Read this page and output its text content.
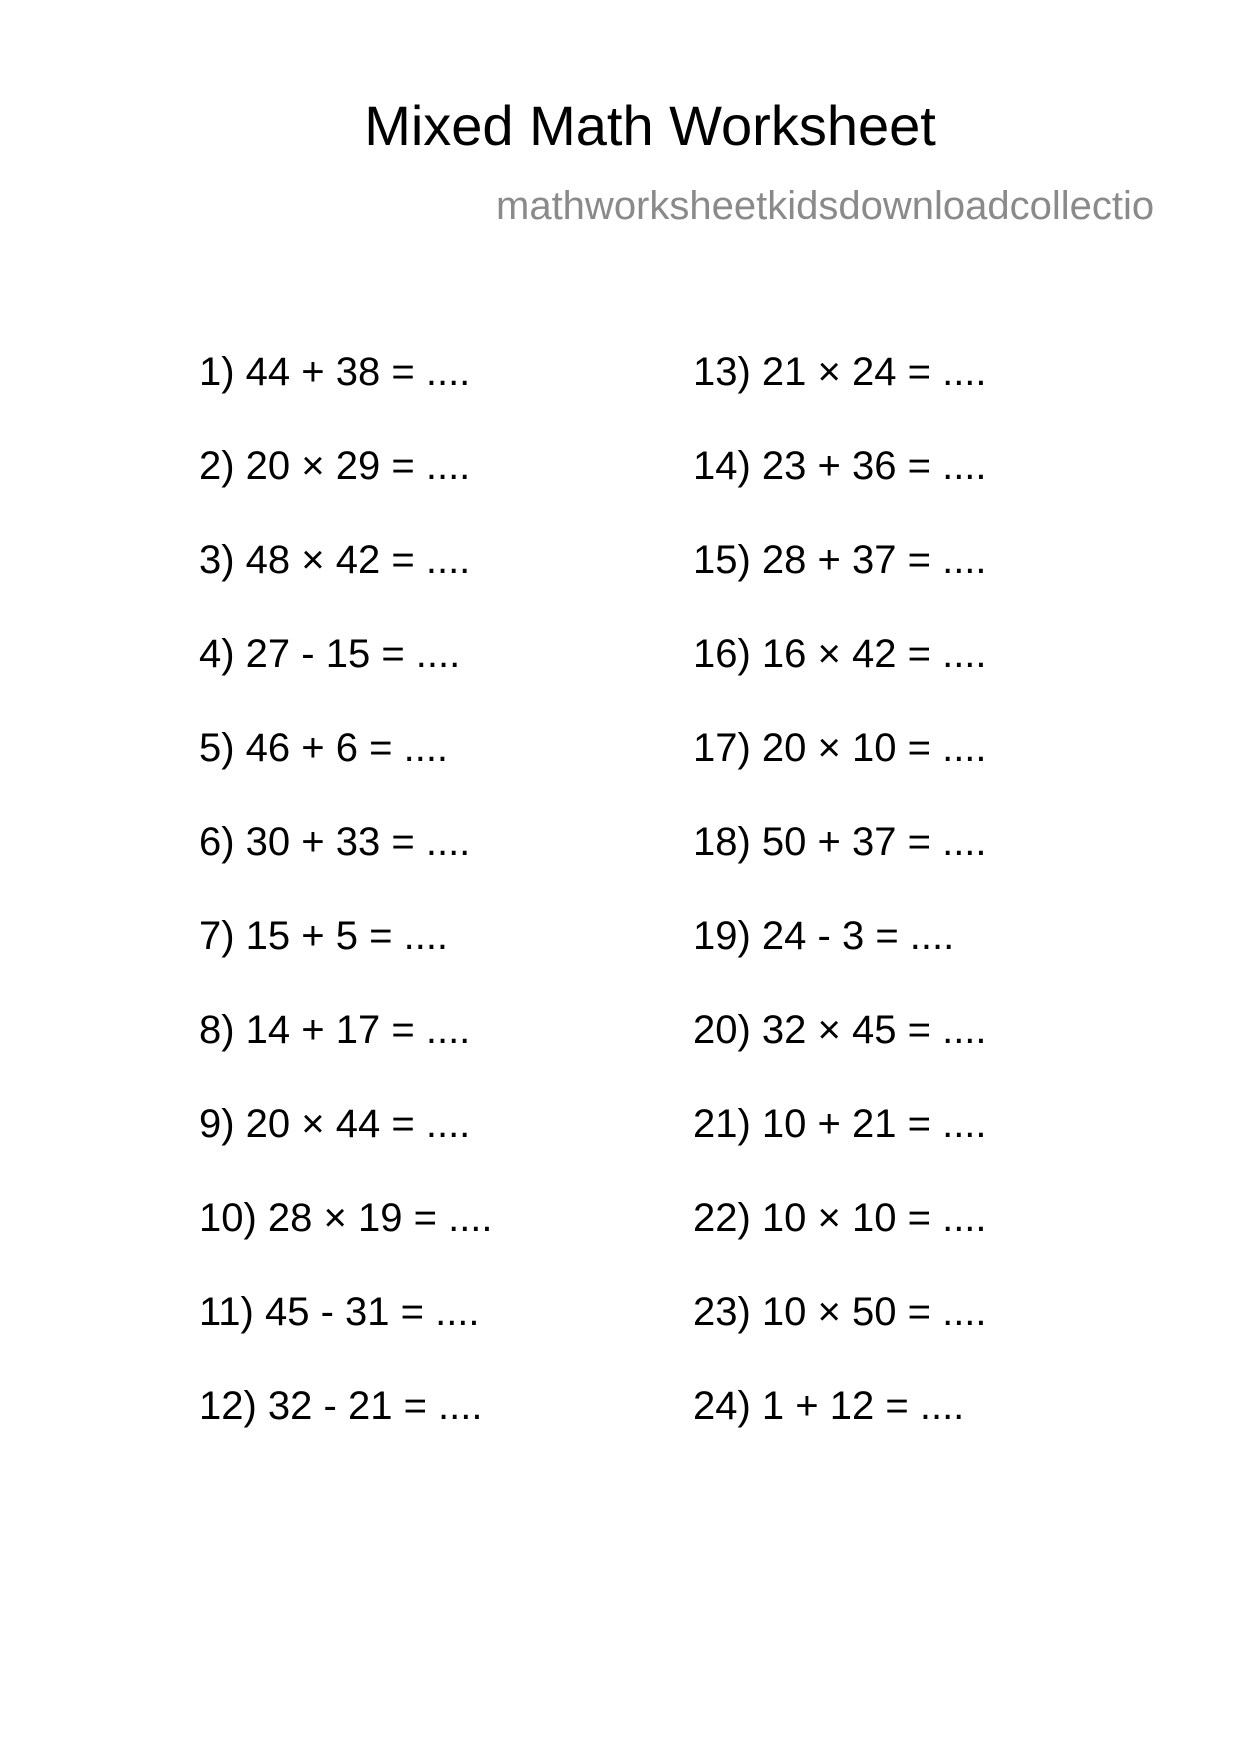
Mixed Math Worksheet
mathworksheetkidsdownloadcollectio
1) 44 + 38 = ....
2) 20 × 29 = ....
3) 48 × 42 = ....
4) 27 - 15 = ....
5) 46 + 6 = ....
6) 30 + 33 = ....
7) 15 + 5 = ....
8) 14 + 17 = ....
9) 20 × 44 = ....
10) 28 × 19 = ....
11) 45 - 31 = ....
12) 32 - 21 = ....
13) 21 × 24 = ....
14) 23 + 36 = ....
15) 28 + 37 = ....
16) 16 × 42 = ....
17) 20 × 10 = ....
18) 50 + 37 = ....
19) 24 - 3 = ....
20) 32 × 45 = ....
21) 10 + 21 = ....
22) 10 × 10 = ....
23) 10 × 50 = ....
24) 1 + 12 = ....
